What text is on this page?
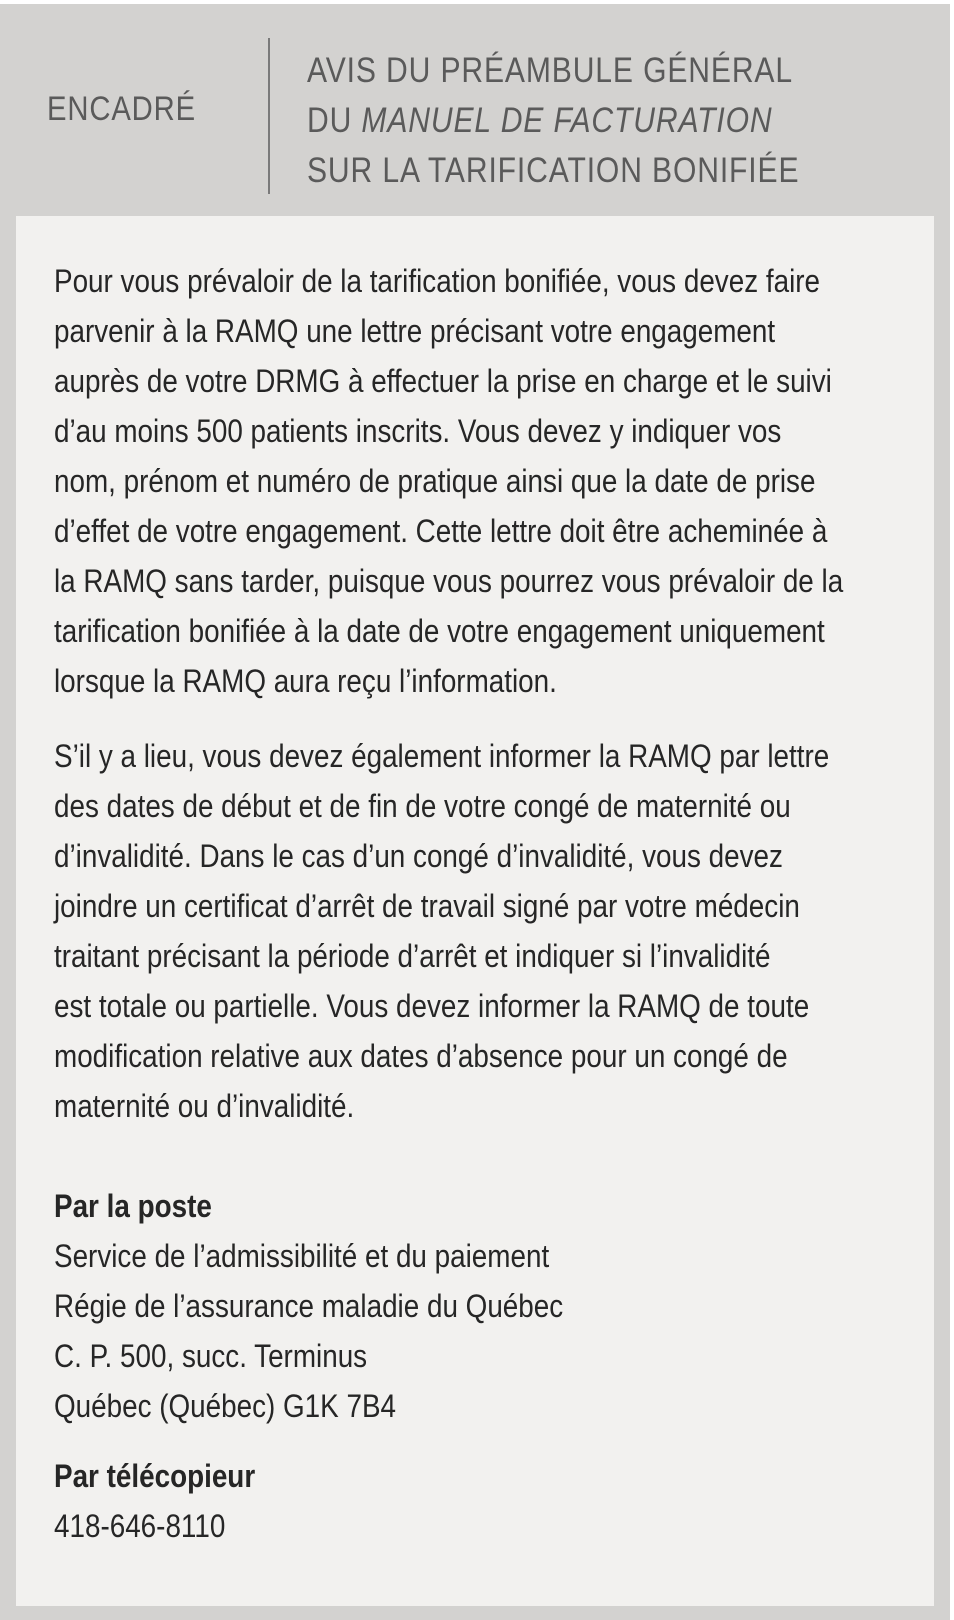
ENCADRÉ
AVIS DU PRÉAMBULE GÉNÉRAL
DU MANUEL DE FACTURATION
SUR LA TARIFICATION BONIFIÉE
Pour vous prévaloir de la tarification bonifiée, vous devez faire
parvenir à la RAMQ une lettre précisant votre engagement
auprès de votre DRMG à effectuer la prise en charge et le suivi
d’au moins 500 patients inscrits. Vous devez y indiquer vos
nom, prénom et numéro de pratique ainsi que la date de prise
d’effet de votre engagement. Cette lettre doit être acheminée à
la RAMQ sans tarder, puisque vous pourrez vous prévaloir de la
tarification bonifiée à la date de votre engagement uniquement
lorsque la RAMQ aura reçu l’information.
S’il y a lieu, vous devez également informer la RAMQ par lettre
des dates de début et de fin de votre congé de maternité ou
d’invalidité. Dans le cas d’un congé d’invalidité, vous devez
joindre un certificat d’arrêt de travail signé par votre médecin
traitant précisant la période d’arrêt et indiquer si l’invalidité
est totale ou partielle. Vous devez informer la RAMQ de toute
modification relative aux dates d’absence pour un congé de
maternité ou d’invalidité.
Par la poste
Service de l’admissibilité et du paiement
Régie de l’assurance maladie du Québec
C. P. 500, succ. Terminus
Québec (Québec) G1K 7B4
Par télécopieur
418-646-8110
